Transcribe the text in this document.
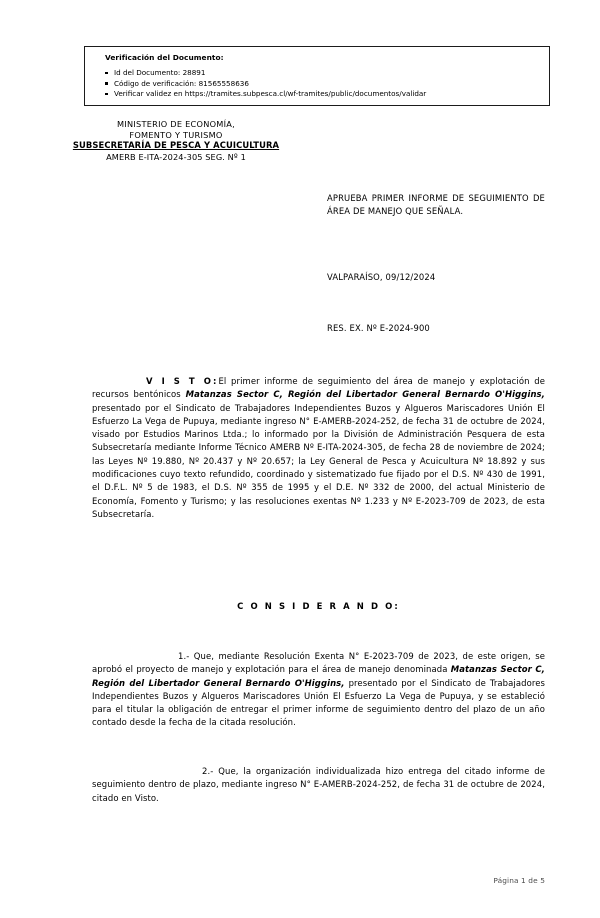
Verificación del Documento:
Id del Documento: 28891
Código de verificación: 81565558636
Verificar validez en https://tramites.subpesca.cl/wf-tramites/public/documentos/validar
MINISTERIO DE ECONOMÍA,
FOMENTO Y TURISMO
SUBSECRETARÍA DE PESCA Y ACUICULTURA
AMERB E-ITA-2024-305 SEG. Nº 1
APRUEBA PRIMER INFORME DE SEGUIMIENTO DE ÁREA DE MANEJO QUE SEÑALA.
VALPARAÍSO, 09/12/2024
RES. EX. Nº E-2024-900

V I S T O:El primer informe de seguimiento del área de manejo y explotación de recursos bentónicos Matanzas Sector C, Región del Libertador General Bernardo O'Higgins, presentado por el Sindicato de Trabajadores Independientes Buzos y Algueros Mariscadores Unión El Esfuerzo La Vega de Pupuya, mediante ingreso N° E-AMERB-2024-252, de fecha 31 de octubre de 2024, visado por Estudios Marinos Ltda.; lo informado por la División de Administración Pesquera de esta Subsecretaría mediante Informe Técnico AMERB Nº E-ITA-2024-305, de fecha 28 de noviembre de 2024; las Leyes Nº 19.880, Nº 20.437 y Nº 20.657; la Ley General de Pesca y Acuicultura Nº 18.892 y sus modificaciones cuyo texto refundido, coordinado y sistematizado fue fijado por el D.S. Nº 430 de 1991, el D.F.L. Nº 5 de 1983, el D.S. Nº 355 de 1995 y el D.E. Nº 332 de 2000, del actual Ministerio de Economía, Fomento y Turismo; y las resoluciones exentas Nº 1.233 y Nº E-2023-709 de 2023, de esta Subsecretaría.

C O N S I D E R A N D O:

1.- Que, mediante Resolución Exenta N° E-2023-709 de 2023, de este origen, se aprobó el proyecto de manejo y explotación para el área de manejo denominada Matanzas Sector C, Región del Libertador General Bernardo O'Higgins, presentado por el Sindicato de Trabajadores Independientes Buzos y Algueros Mariscadores Unión El Esfuerzo La Vega de Pupuya, y se estableció para el titular la obligación de entregar el primer informe de seguimiento dentro del plazo de un año contado desde la fecha de la citada resolución.

2.- Que, la organización individualizada hizo entrega del citado informe de seguimiento dentro de plazo, mediante ingreso N° E-AMERB-2024-252, de fecha 31 de octubre de 2024, citado en Visto.

Página 1 de 5
